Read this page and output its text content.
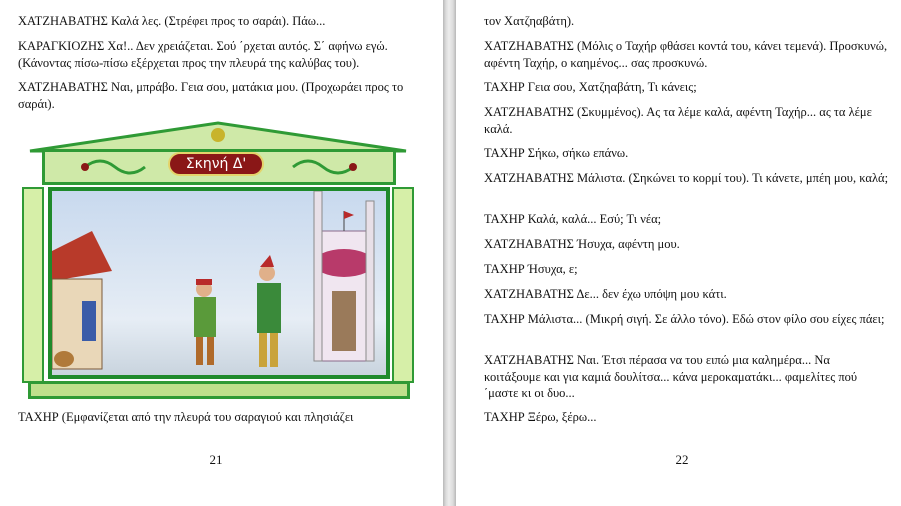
ΧΑΤΖΗΑΒΑΤΗΣ Καλά λες. (Στρέφει προς το σαράι). Πάω...

ΚΑΡΑΓΚΙΟΖΗΣ Χα!.. Δεν χρειάζεται. Σού ΄ρχεται αυτός. Σ΄ αφήνω εγώ. (Κάνοντας πίσω-πίσω εξέρχεται προς την πλευρά της καλύβας του).

ΧΑΤΖΗΑΒΑΤΗΣ Ναι, μπράβο. Γεια σου, ματάκια μου. (Προχωράει προς το σαράι).

Σκηνή Δ'

ΤΑΧΗΡ (Εμφανίζεται από την πλευρά του σαραγιού και πλησιάζει

21

τον Χατζηαβάτη).

ΧΑΤΖΗΑΒΑΤΗΣ (Μόλις ο Ταχήρ φθάσει κοντά του, κάνει τεμενά). Προσκυνώ, αφέντη Ταχήρ, ο καημένος... σας προσκυνώ.

ΤΑΧΗΡ Γεια σου, Χατζηαβάτη, Τι κάνεις;

ΧΑΤΖΗΑΒΑΤΗΣ (Σκυμμένος). Ας τα λέμε καλά, αφέντη Ταχήρ... ας τα λέμε καλά.

ΤΑΧΗΡ Σήκω, σήκω επάνω.

ΧΑΤΖΗΑΒΑΤΗΣ Μάλιστα. (Σηκώνει το κορμί του). Τι κάνετε, μπέη μου, καλά;

ΤΑΧΗΡ Καλά, καλά... Εσύ; Τι νέα;

ΧΑΤΖΗΑΒΑΤΗΣ Ήσυχα, αφέντη μου.

ΤΑΧΗΡ Ήσυχα, ε;

ΧΑΤΖΗΑΒΑΤΗΣ Δε... δεν έχω υπόψη μου κάτι.

ΤΑΧΗΡ Μάλιστα... (Μικρή σιγή. Σε άλλο τόνο). Εδώ στον φίλο σου είχες πάει;

ΧΑΤΖΗΑΒΑΤΗΣ Ναι. Έτσι πέρασα να του ειπώ μια καλημέρα... Να κοιτάξουμε και για καμιά δουλίτσα... κάνα μεροκαματάκι... φαμελίτες πού ΄μαστε κι οι δυο...

ΤΑΧΗΡ Ξέρω, ξέρω...

22
